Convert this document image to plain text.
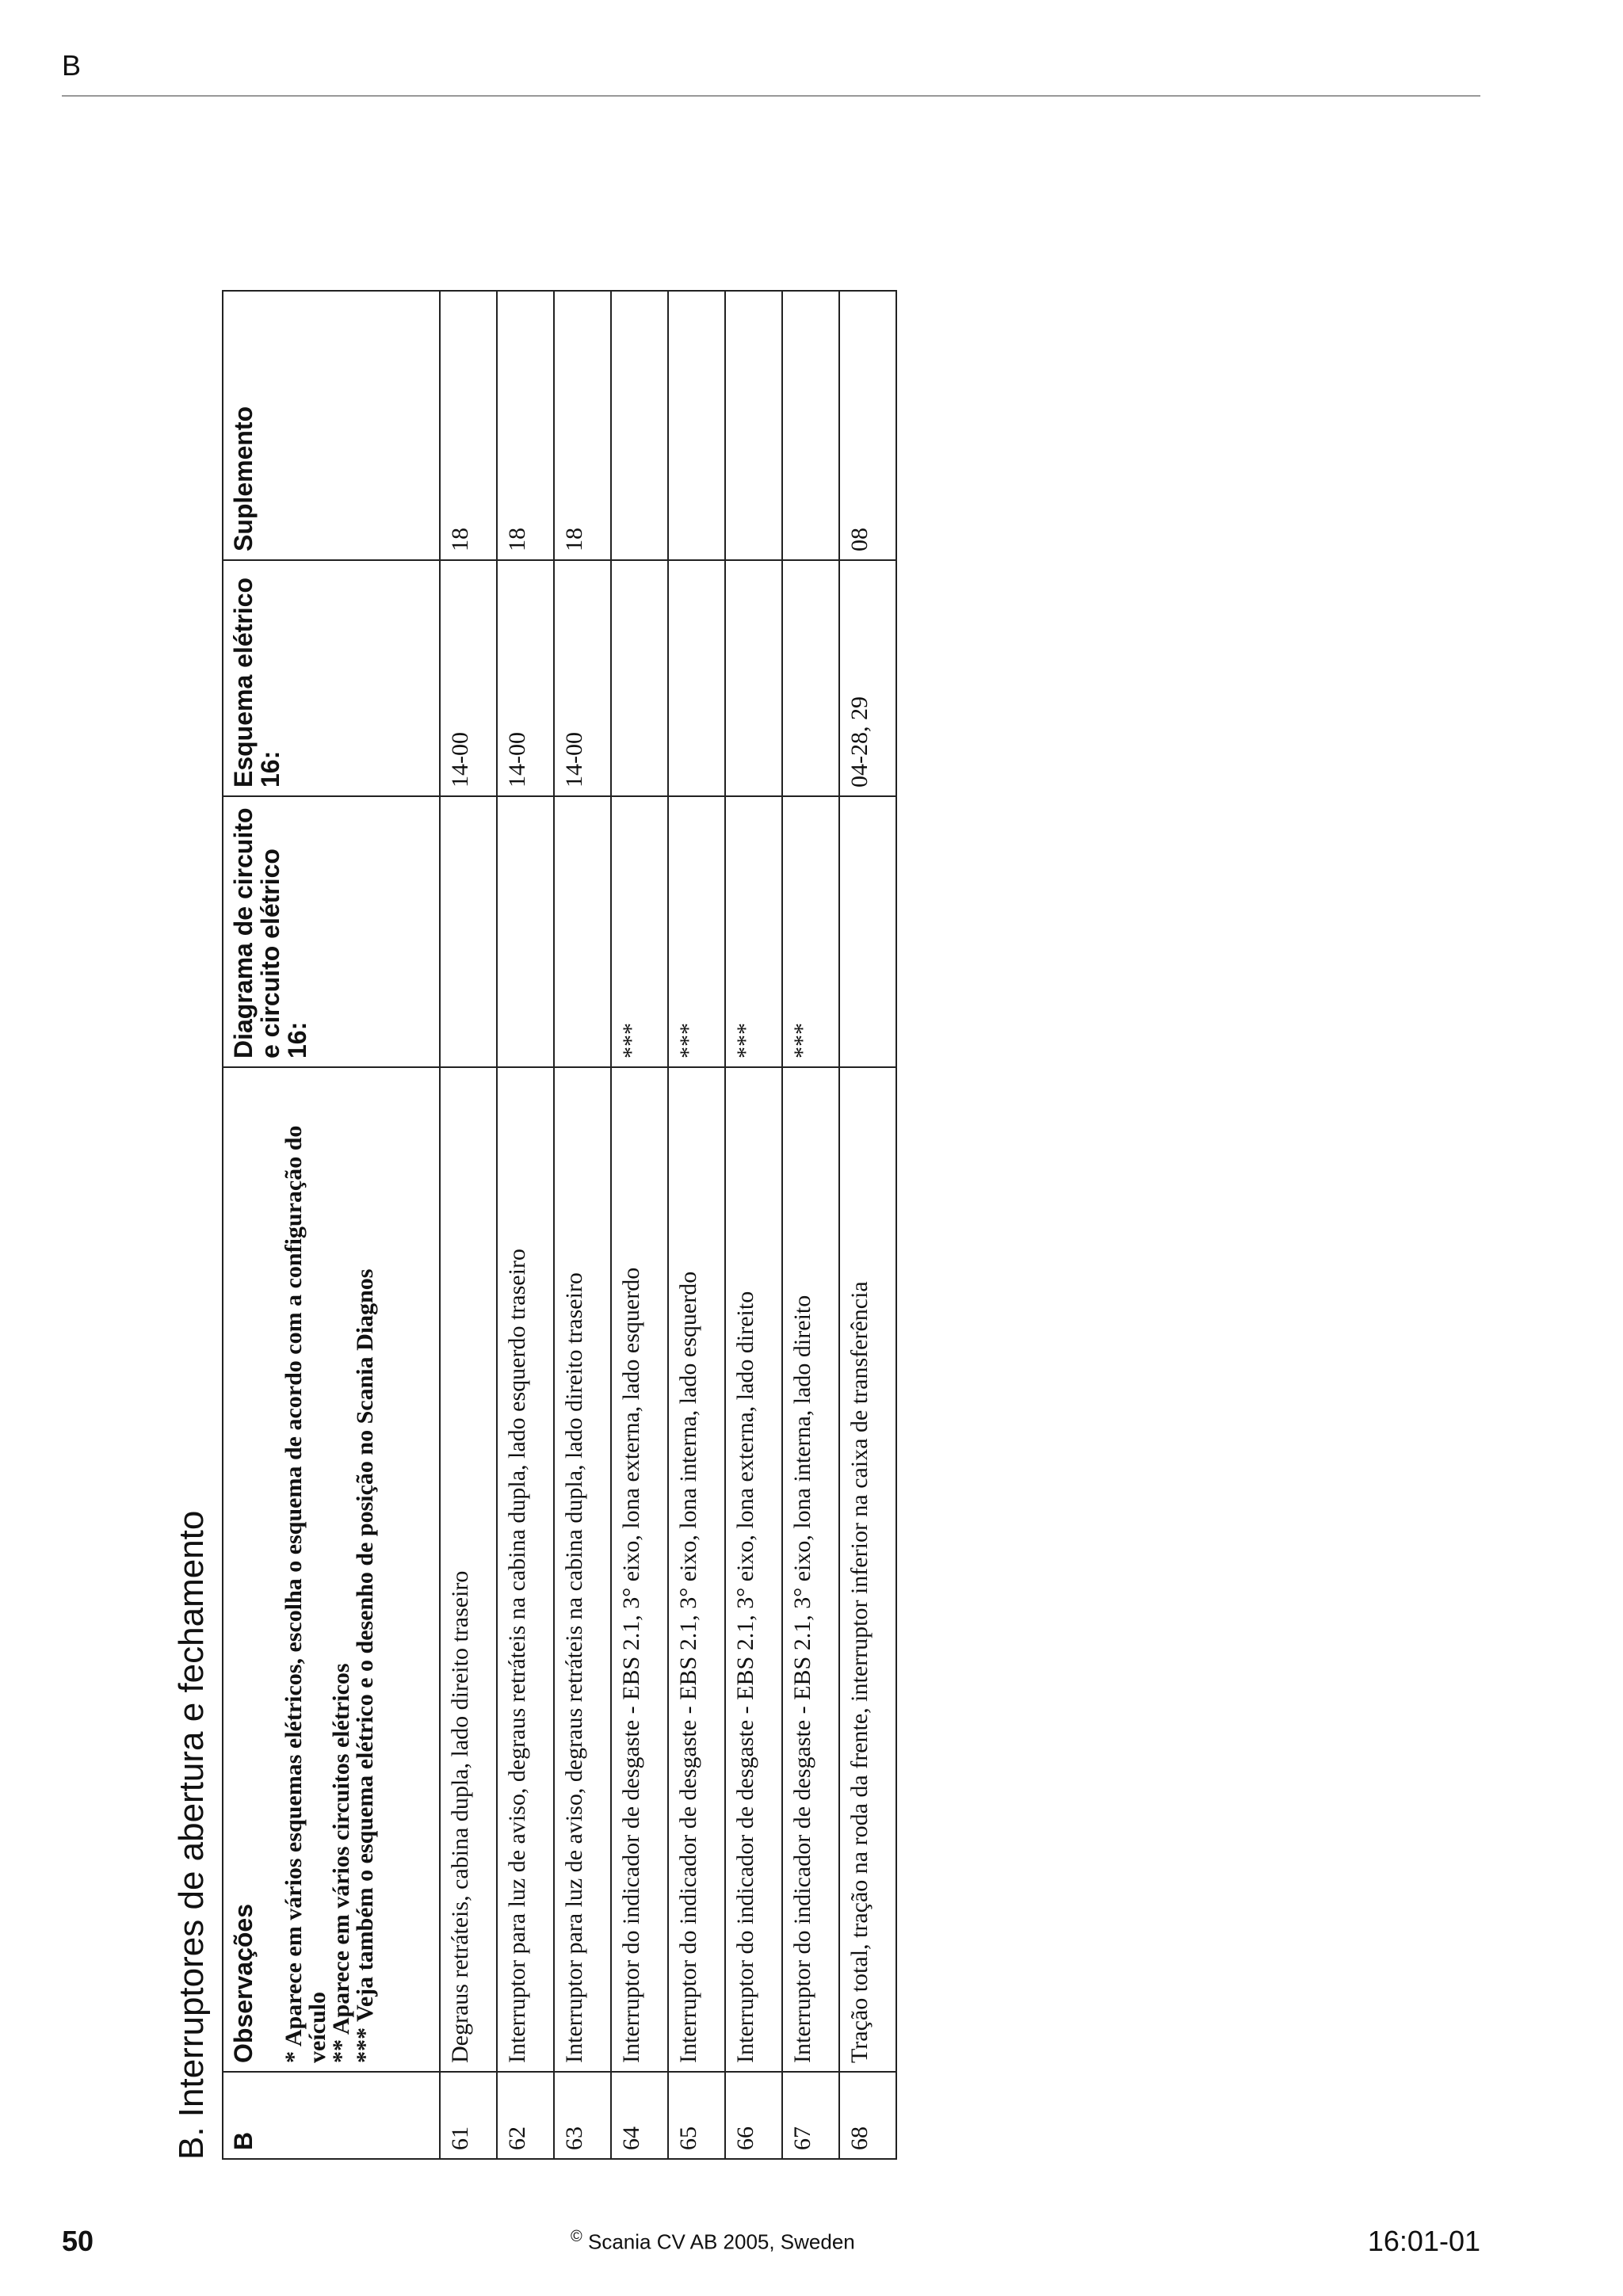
B
B. Interruptores de abertura e fechamento B	Observações * Aparece em vários esquemas elétricos, escolha o esquema de acordo com a configuração do veículo
** Aparece em vários circuitos elétricos
*** Veja também o esquema elétrico e o desenho de posição no Scania Diagnos	Diagrama de circuito e circuito elétrico 16:	Esquema elétrico 16:	Suplemento
61	Degraus retráteis, cabina dupla, lado direito traseiro		14-00	18
62	Interruptor para luz de aviso, degraus retráteis na cabina dupla, lado esquerdo traseiro		14-00	18
63	Interruptor para luz de aviso, degraus retráteis na cabina dupla, lado direito traseiro		14-00	18
64	Interruptor do indicador de desgaste - EBS 2.1, 3° eixo, lona externa, lado esquerdo	***		
65	Interruptor do indicador de desgaste - EBS 2.1, 3° eixo, lona interna, lado esquerdo	***		
66	Interruptor do indicador de desgaste - EBS 2.1, 3° eixo, lona externa, lado direito	***		
67	Interruptor do indicador de desgaste - EBS 2.1, 3° eixo, lona interna, lado direito	***		
68	Tração total, tração na roda da frente, interruptor inferior na caixa de transferência		04-28, 29	08
50	© Scania CV AB 2005, Sweden	16:01-01
